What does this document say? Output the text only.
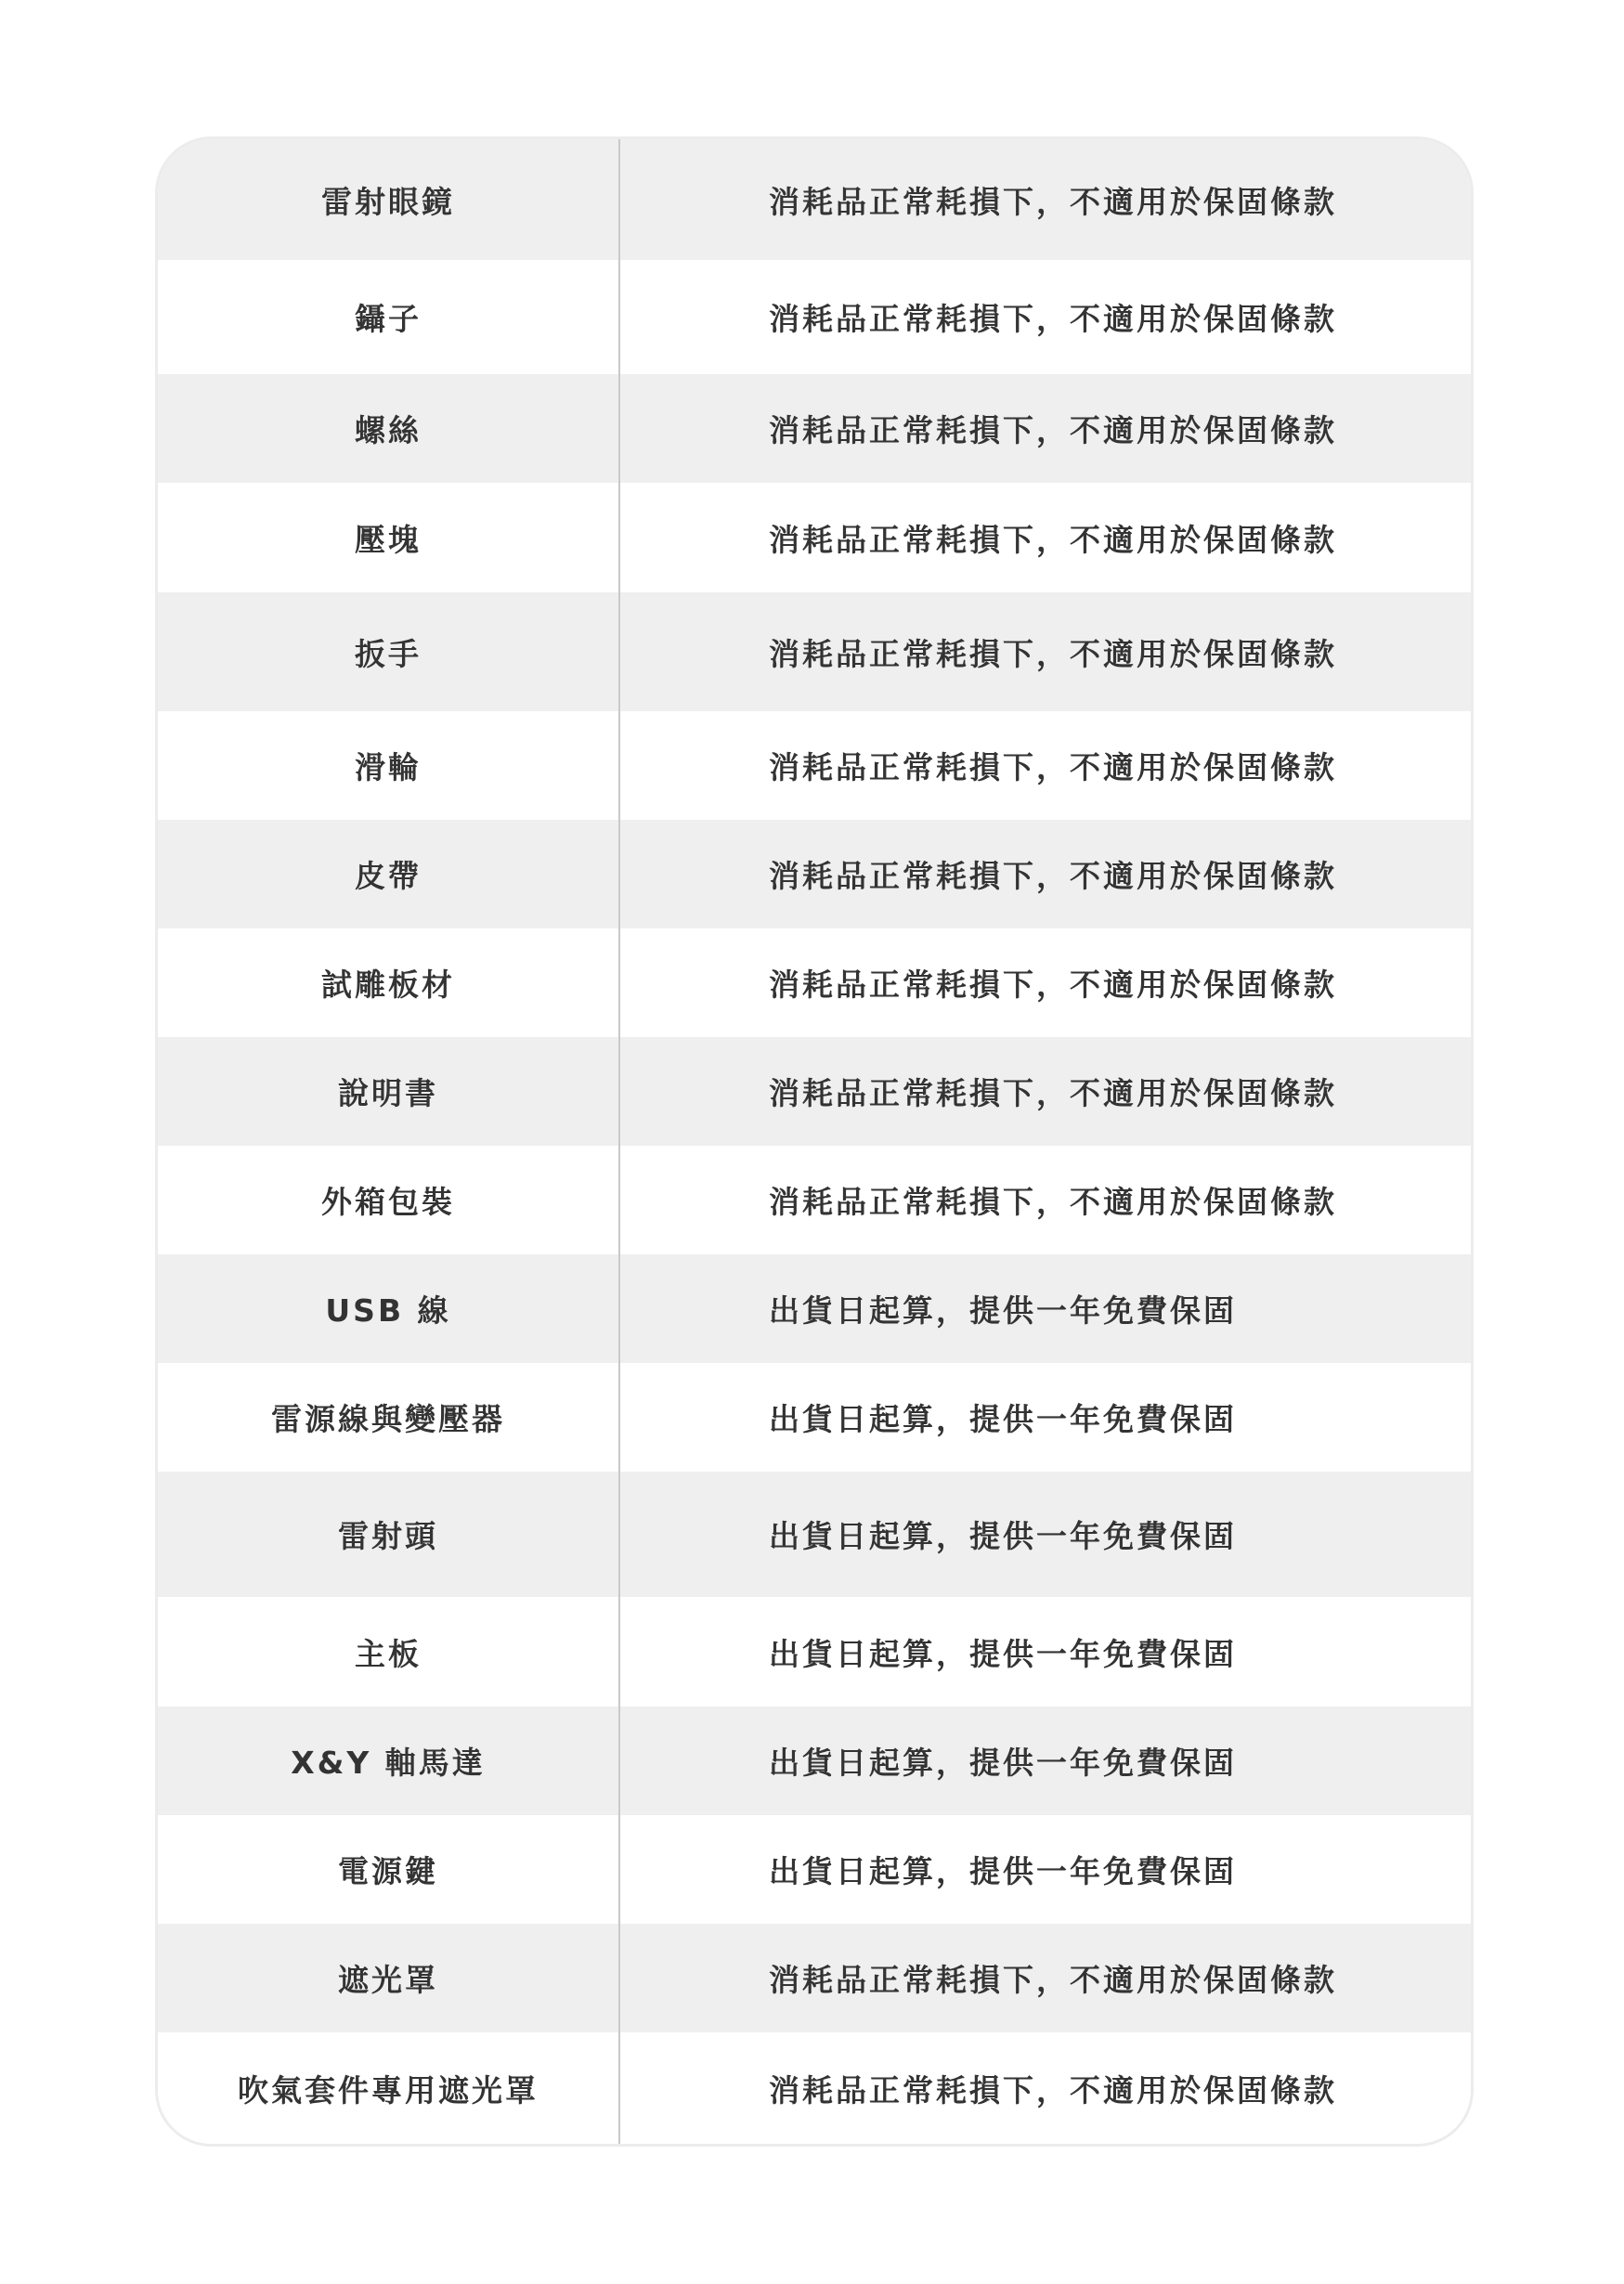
雷射眼鏡	消耗品正常耗損下，不適用於保固條款
鑷子	消耗品正常耗損下，不適用於保固條款
螺絲	消耗品正常耗損下，不適用於保固條款
壓塊	消耗品正常耗損下，不適用於保固條款
扳手	消耗品正常耗損下，不適用於保固條款
滑輪	消耗品正常耗損下，不適用於保固條款
皮帶	消耗品正常耗損下，不適用於保固條款
試雕板材	消耗品正常耗損下，不適用於保固條款
說明書	消耗品正常耗損下，不適用於保固條款
外箱包裝	消耗品正常耗損下，不適用於保固條款
USB 線	出貨日起算，提供一年免費保固
雷源線與變壓器	出貨日起算，提供一年免費保固
雷射頭	出貨日起算，提供一年免費保固
主板	出貨日起算，提供一年免費保固
X&Y 軸馬達	出貨日起算，提供一年免費保固
電源鍵	出貨日起算，提供一年免費保固
遮光罩	消耗品正常耗損下，不適用於保固條款
吹氣套件專用遮光罩	消耗品正常耗損下，不適用於保固條款
